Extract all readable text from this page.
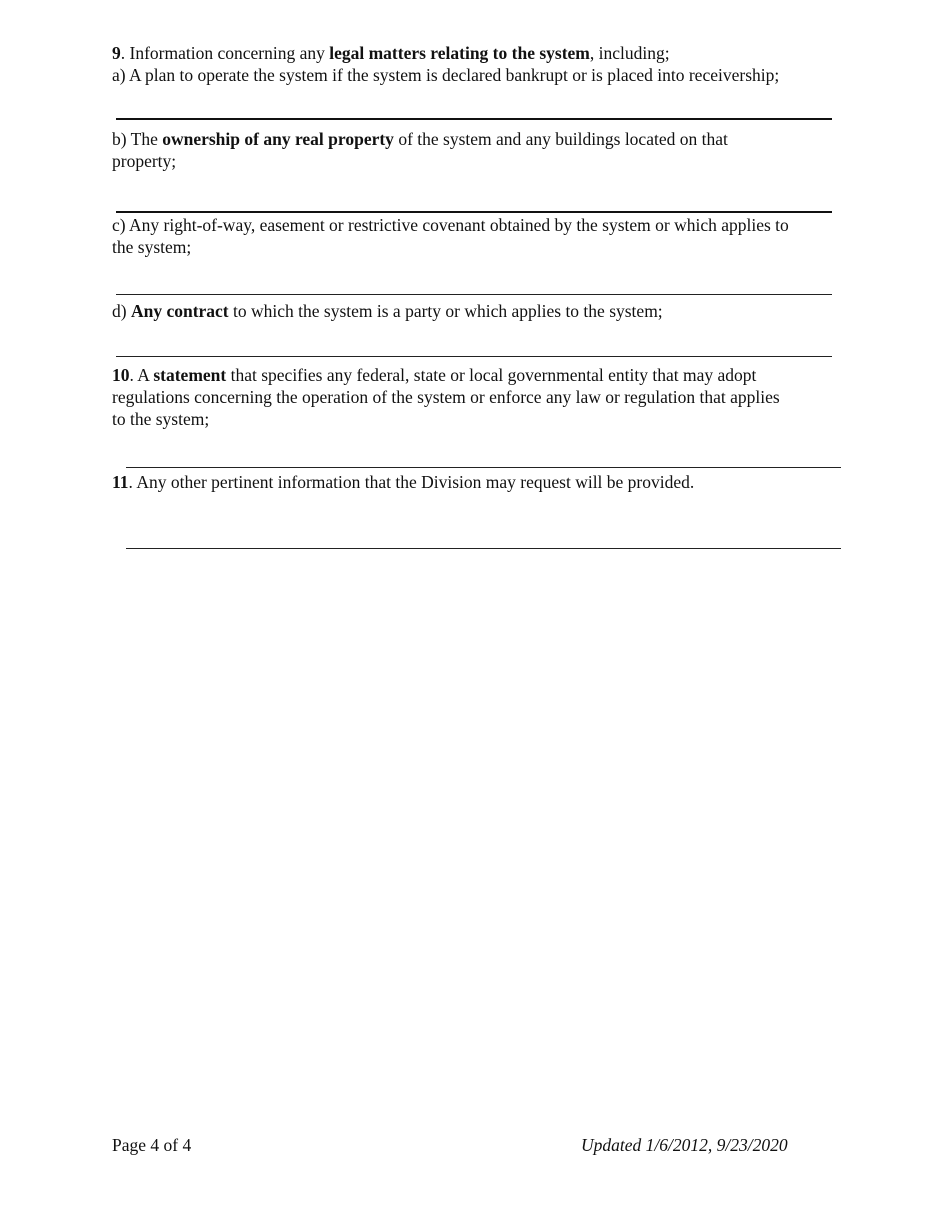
9. Information concerning any legal matters relating to the system, including;
a) A plan to operate the system if the system is declared bankrupt or is placed into receivership;
b) The ownership of any real property of the system and any buildings located on that
property;
c) Any right-of-way, easement or restrictive covenant obtained by the system or which applies to
the system;
d) Any contract to which the system is a party or which applies to the system;
10. A statement that specifies any federal, state or local governmental entity that may adopt
regulations concerning the operation of the system or enforce any law or regulation that applies
to the system;
11. Any other pertinent information that the Division may request will be provided.
Page 4 of 4	Updated 1/6/2012, 9/23/2020
